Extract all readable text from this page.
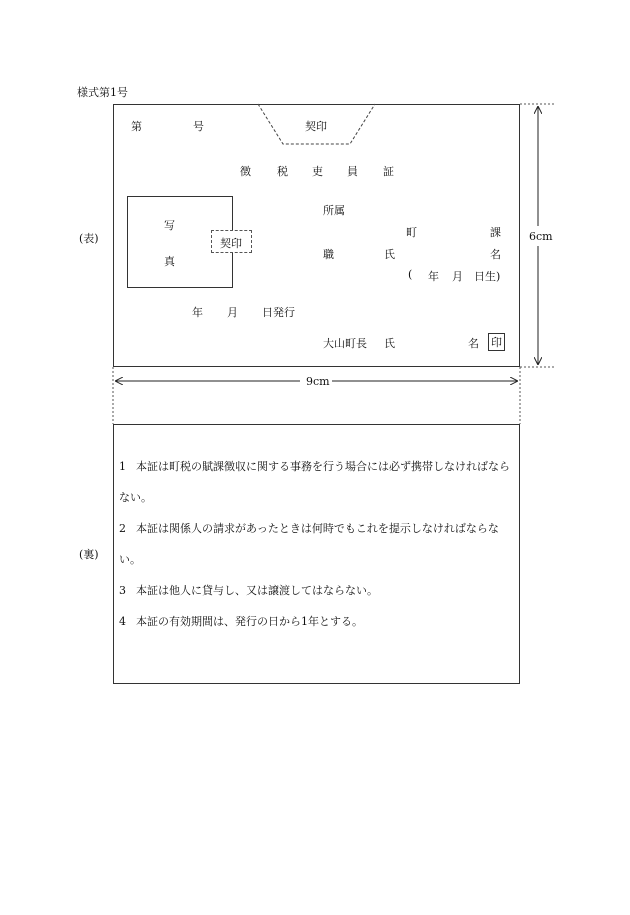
様式第1号
(表)
第	号	契印
徴 税 吏 員 証
写
真
契印
所属
町	課
職	氏	名
( 年 月 日生)
年 月 日発行
大山町長 氏	名 印
6cm
9cm
(裏)
1 本証は町税の賦課徴収に関する事務を行う場合には必ず携帯しなければならない。
2 本証は関係人の請求があったときは何時でもこれを提示しなければならない。
3 本証は他人に貸与し、又は譲渡してはならない。
4 本証の有効期間は、発行の日から1年とする。
